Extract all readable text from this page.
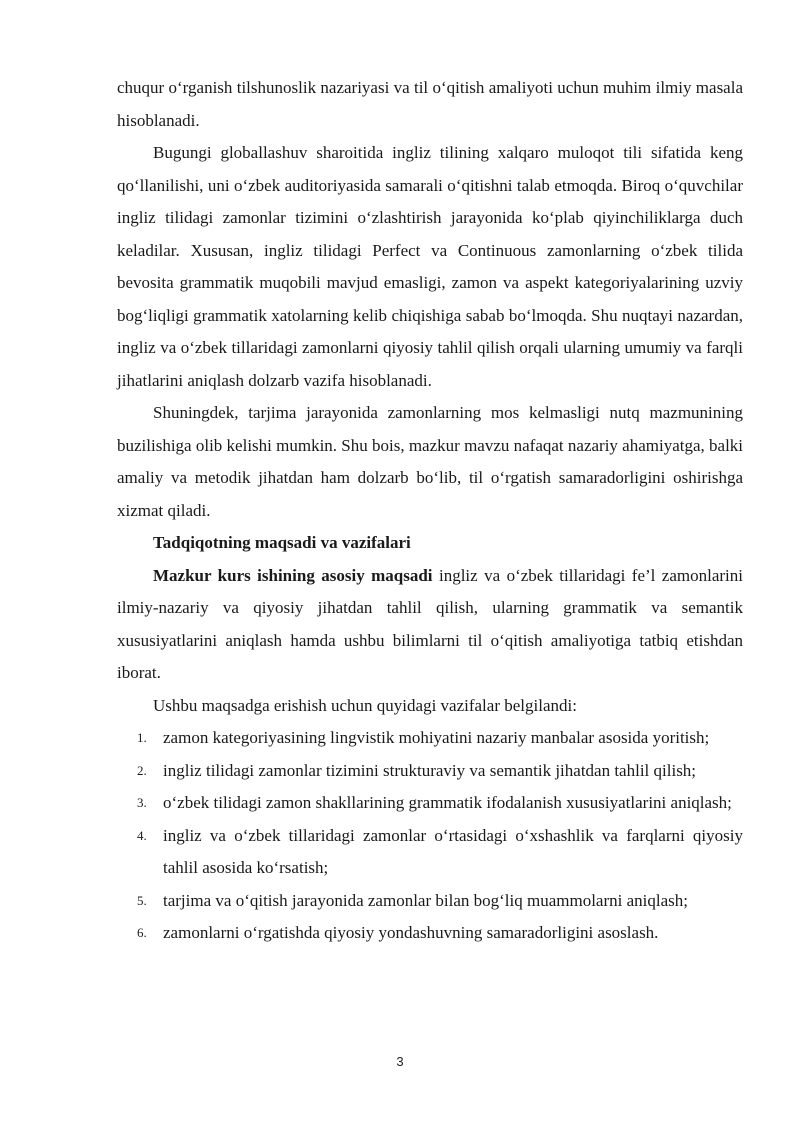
chuqur o‘rganish tilshunoslik nazariyasi va til o‘qitish amaliyoti uchun muhim ilmiy masala hisoblanadi.

Bugungi globallashuv sharoitida ingliz tilining xalqaro muloqot tili sifatida keng qo‘llanilishi, uni o‘zbek auditoriyasida samarali o‘qitishni talab etmoqda. Biroq o‘quvchilar ingliz tilidagi zamonlar tizimini o‘zlashtirish jarayonida ko‘plab qiyinchiliklarga duch keladilar. Xususan, ingliz tilidagi Perfect va Continuous zamonlarning o‘zbek tilida bevosita grammatik muqobili mavjud emasligi, zamon va aspekt kategoriyalarining uzviy bog‘liqligi grammatik xatolarning kelib chiqishiga sabab bo‘lmoqda. Shu nuqtayi nazardan, ingliz va o‘zbek tillaridagi zamonlarni qiyosiy tahlil qilish orqali ularning umumiy va farqli jihatlarini aniqlash dolzarb vazifa hisoblanadi.

Shuningdek, tarjima jarayonida zamonlarning mos kelmasligi nutq mazmunining buzilishiga olib kelishi mumkin. Shu bois, mazkur mavzu nafaqat nazariy ahamiyatga, balki amaliy va metodik jihatdan ham dolzarb bo‘lib, til o‘rgatish samaradorligini oshirishga xizmat qiladi.

Tadqiqotning maqsadi va vazifalari

Mazkur kurs ishining asosiy maqsadi ingliz va o‘zbek tillaridagi fe’l zamonlarini ilmiy-nazariy va qiyosiy jihatdan tahlil qilish, ularning grammatik va semantik xususiyatlarini aniqlash hamda ushbu bilimlarni til o‘qitish amaliyotiga tatbiq etishdan iborat.

Ushbu maqsadga erishish uchun quyidagi vazifalar belgilandi:

1. zamon kategoriyasining lingvistik mohiyatini nazariy manbalar asosida yoritish;
2. ingliz tilidagi zamonlar tizimini strukturaviy va semantik jihatdan tahlil qilish;
3. o‘zbek tilidagi zamon shakllarining grammatik ifodalanish xususiyatlarini aniqlash;
4. ingliz va o‘zbek tillaridagi zamonlar o‘rtasidagi o‘xshashlik va farqlarni qiyosiy tahlil asosida ko‘rsatish;
5. tarjima va o‘qitish jarayonida zamonlar bilan bog‘liq muammolarni aniqlash;
6. zamonlarni o‘rgatishda qiyosiy yondashuvning samaradorligini asoslash.
3
